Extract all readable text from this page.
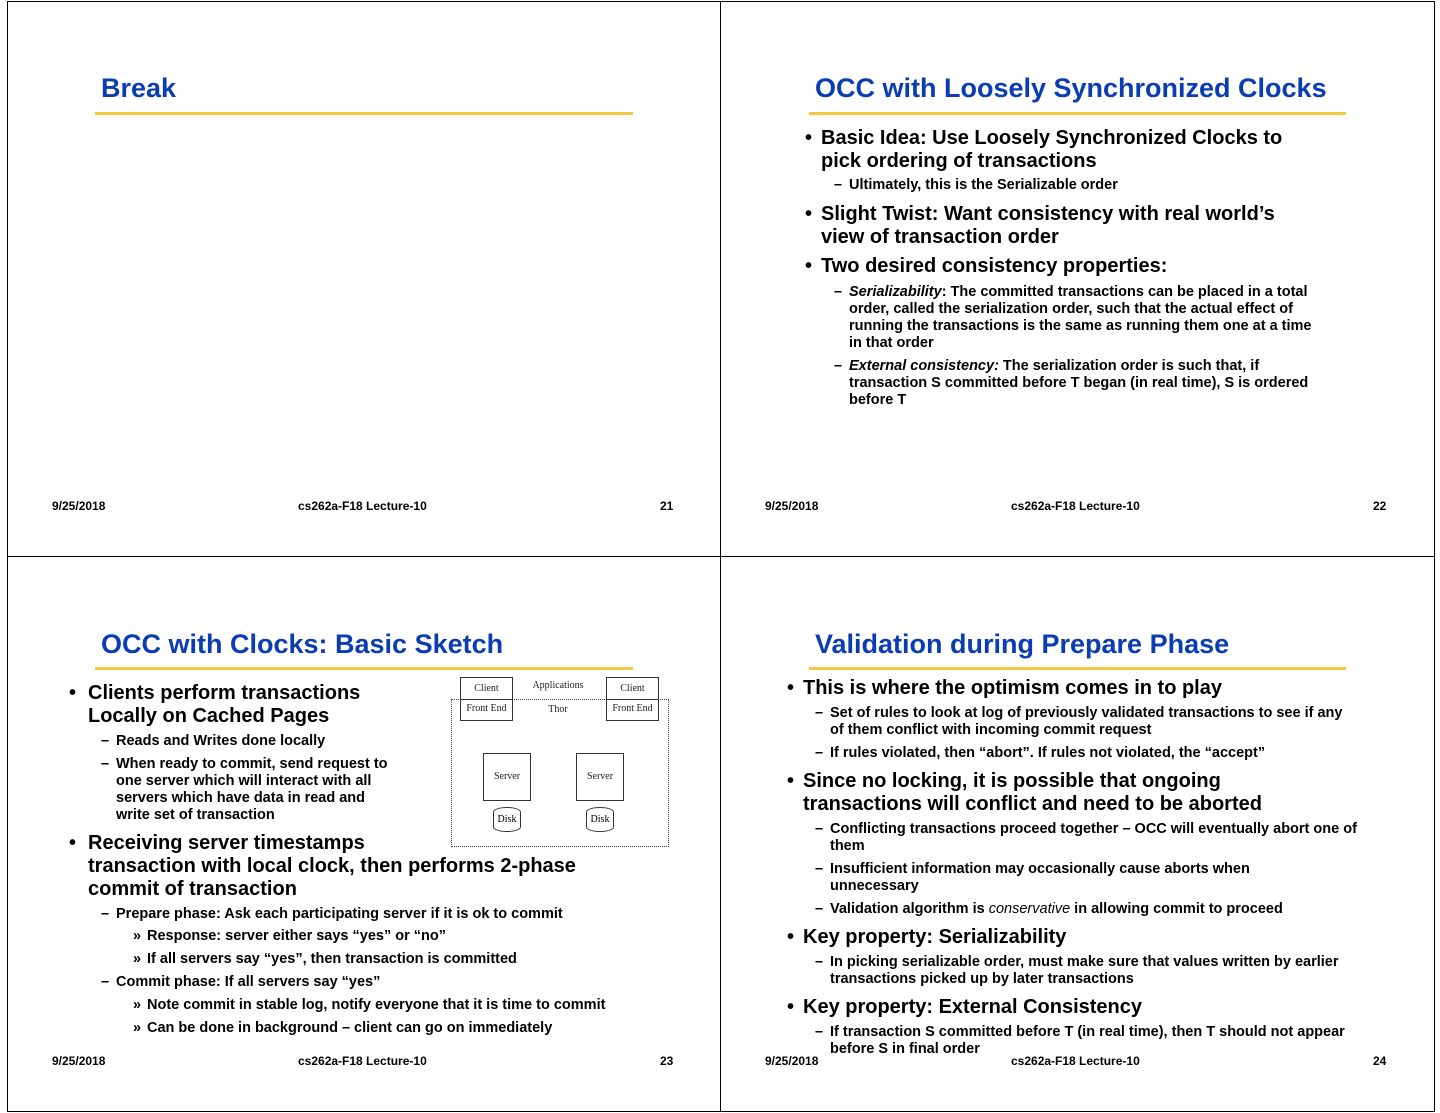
Break
9/25/2018	cs262a-F18 Lecture-10	21
OCC with Loosely Synchronized Clocks
• Basic Idea: Use Loosely Synchronized Clocks to pick ordering of transactions
– Ultimately, this is the Serializable order
• Slight Twist: Want consistency with real world’s view of transaction order
• Two desired consistency properties:
– Serializability: The committed transactions can be placed in a total order, called the serialization order, such that the actual effect of running the transactions is the same as running them one at a time in that order
– External consistency: The serialization order is such that, if transaction S committed before T began (in real time), S is ordered before T
9/25/2018	cs262a-F18 Lecture-10	22
OCC with Clocks: Basic Sketch
• Clients perform transactions Locally on Cached Pages
– Reads and Writes done locally
– When ready to commit, send request to one server which will interact with all servers which have data in read and write set of transaction
• Receiving server timestamps
transaction with local clock, then performs 2-phase commit of transaction
– Prepare phase: Ask each participating server if it is ok to commit
» Response: server either says “yes” or “no”
» If all servers say “yes”, then transaction is committed
– Commit phase: If all servers say “yes”
» Note commit in stable log, notify everyone that it is time to commit
» Can be done in background – client can go on immediately
Client
Front End
Applications
Thor
Client
Front End
Server	Server
Disk	Disk
9/25/2018	cs262a-F18 Lecture-10	23
Validation during Prepare Phase
• This is where the optimism comes in to play
– Set of rules to look at log of previously validated transactions to see if any of them conflict with incoming commit request
– If rules violated, then “abort”. If rules not violated, the “accept”
• Since no locking, it is possible that ongoing transactions will conflict and need to be aborted
– Conflicting transactions proceed together – OCC will eventually abort one of them
– Insufficient information may occasionally cause aborts when unnecessary
– Validation algorithm is conservative in allowing commit to proceed
• Key property: Serializability
– In picking serializable order, must make sure that values written by earlier transactions picked up by later transactions
• Key property: External Consistency
– If transaction S committed before T (in real time), then T should not appear before S in final order
9/25/2018	cs262a-F18 Lecture-10	24
